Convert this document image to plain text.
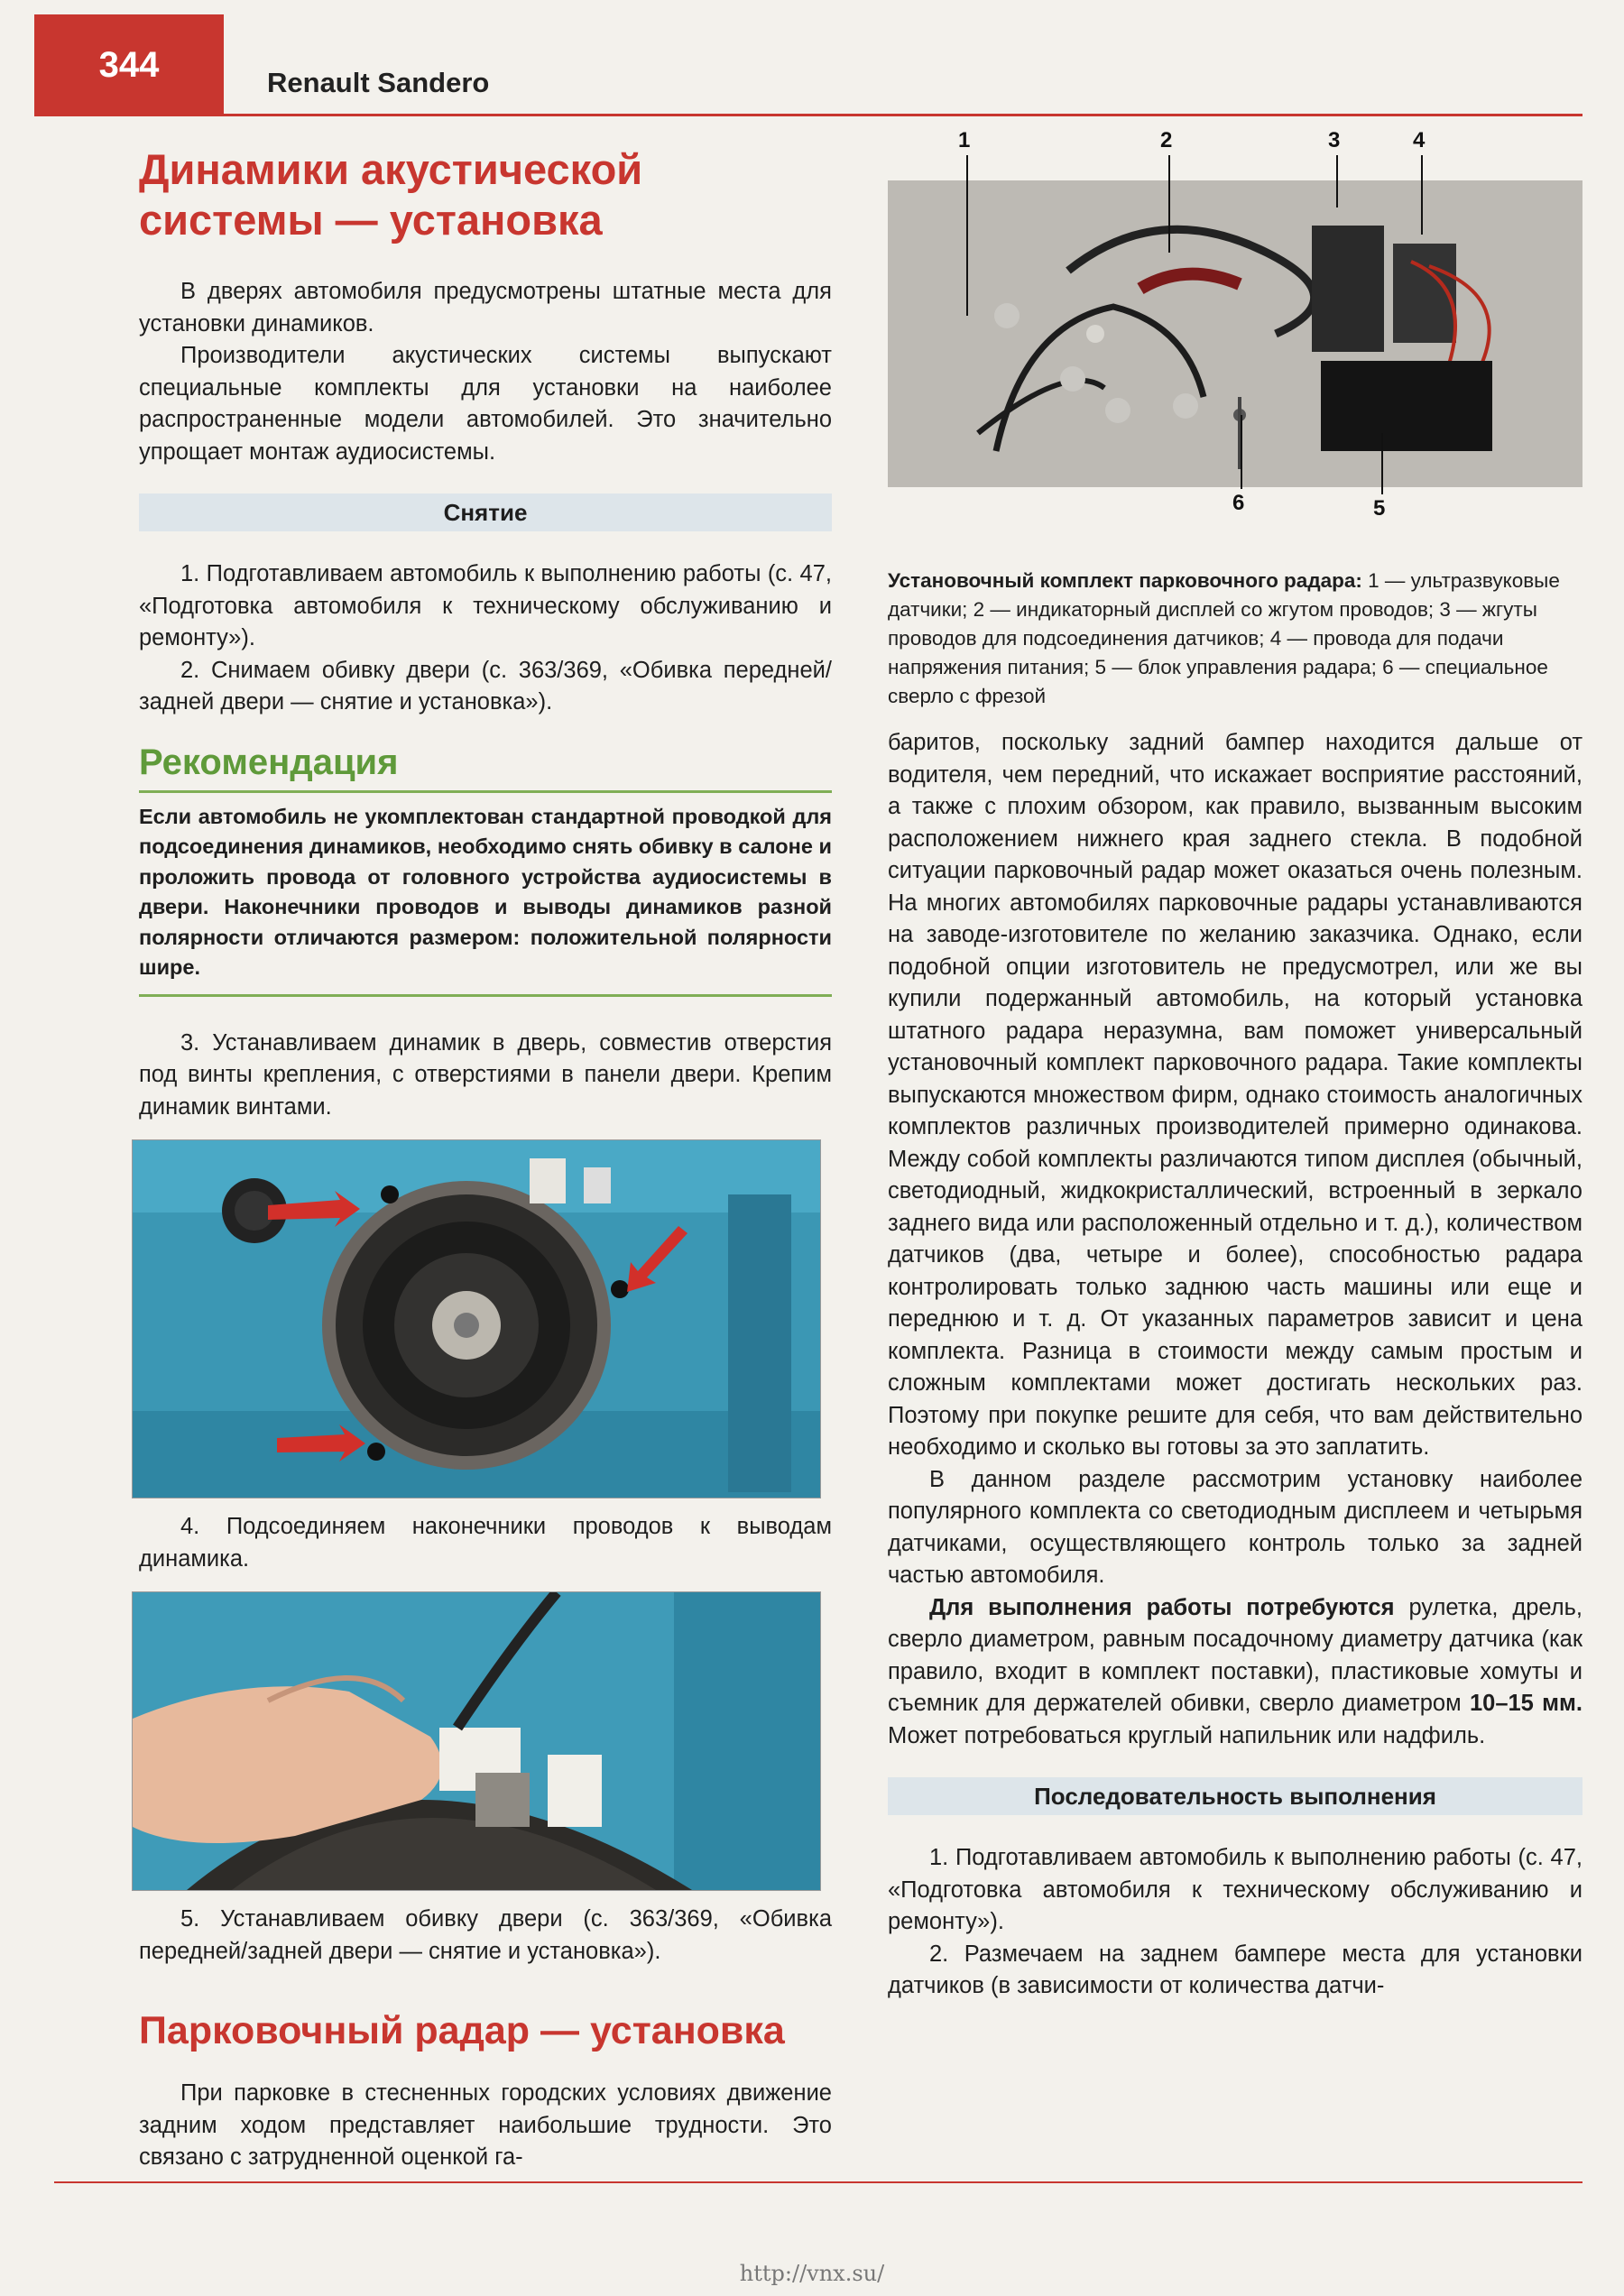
344	Renault Sandero
Динамики акустической системы — установка

В дверях автомобиля предусмотрены штатные места для установки динамиков.

Производители акустических системы выпускают специальные комплекты для установки на наиболее распространенные модели автомобилей. Это значительно упрощает монтаж аудиосистемы.

Снятие

1. Подготавливаем автомобиль к выполнению работы (с. 47, «Подготовка автомобиля к техническому обслуживанию и ремонту»).

2. Снимаем обивку двери (с. 363/369, «Обивка передней/задней двери — снятие и установка»).

Рекомендация
Если автомобиль не укомплектован стандартной проводкой для подсоединения динамиков, необходимо снять обивку в салоне и проложить провода от головного устройства аудиосистемы в двери. Наконечники проводов и выводы динамиков разной полярности отличаются размером: положительной полярности шире.

3. Устанавливаем динамик в дверь, совместив отверстия под винты крепления, с отверстиями в панели двери. Крепим динамик винтами.

4. Подсоединяем наконечники проводов к выводам динамика.

5. Устанавливаем обивку двери (с. 363/369, «Обивка передней/задней двери — снятие и установка»).

Парковочный радар — установка

При парковке в стесненных городских условиях движение задним ходом представляет наибольшие трудности. Это связано с затрудненной оценкой га-

1	2	3	4
6	5
Установочный комплект парковочного радара: 1 — ультразвуковые датчики; 2 — индикаторный дисплей со жгутом проводов; 3 — жгуты проводов для подсоединения датчиков; 4 — провода для подачи напряжения питания; 5 — блок управления радара; 6 — специальное сверло с фрезой

баритов, поскольку задний бампер находится дальше от водителя, чем передний, что искажает восприятие расстояний, а также с плохим обзором, как правило, вызванным высоким расположением нижнего края заднего стекла. В подобной ситуации парковочный радар может оказаться очень полезным. На многих автомобилях парковочные радары устанавливаются на заводе-изготовителе по желанию заказчика. Однако, если подобной опции изготовитель не предусмотрел, или же вы купили подержанный автомобиль, на который установка штатного радара неразумна, вам поможет универсальный установочный комплект парковочного радара. Такие комплекты выпускаются множеством фирм, однако стоимость аналогичных комплектов различных производителей примерно одинакова. Между собой комплекты различаются типом дисплея (обычный, светодиодный, жидкокристаллический, встроенный в зеркало заднего вида или расположенный отдельно и т. д.), количеством датчиков (два, четыре и более), способностью радара контролировать только заднюю часть машины или еще и переднюю и т. д. От указанных параметров зависит и цена комплекта. Разница в стоимости между самым простым и сложным комплектами может достигать нескольких раз. Поэтому при покупке решите для себя, что вам действительно необходимо и сколько вы готовы за это заплатить.

В данном разделе рассмотрим установку наиболее популярного комплекта со светодиодным дисплеем и четырьмя датчиками, осуществляющего контроль только за задней частью автомобиля.

Для выполнения работы потребуются рулетка, дрель, сверло диаметром, равным посадочному диаметру датчика (как правило, входит в комплект поставки), пластиковые хомуты и съемник для держателей обивки, сверло диаметром 10–15 мм. Может потребоваться круглый напильник или надфиль.

Последовательность выполнения

1. Подготавливаем автомобиль к выполнению работы (с. 47, «Подготовка автомобиля к техническому обслуживанию и ремонту»).

2. Размечаем на заднем бампере места для установки датчиков (в зависимости от количества датчи-

http://vnx.su/
